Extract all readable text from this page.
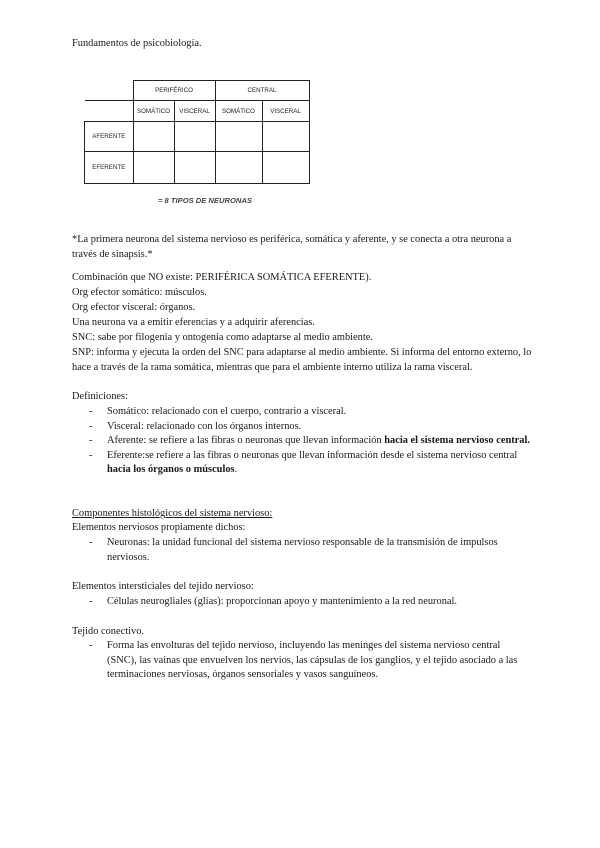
Fundamentos de psicobiología.
	PERIFÉRICO		CENTRAL	
	SOMÁTICO	VISCERAL	SOMÁTICO	VISCERAL
AFERENTE				
EFERENTE				
= 8 TIPOS DE NEURONAS
*La primera neurona del sistema nervioso es periférica, somática y aferente, y se conecta a otra neurona a través de sinapsis.*
Combinación que NO existe: PERIFÉRICA SOMÁTICA EFERENTE).
Org efector somático: músculos.
Org efector visceral: órganos.
Una neurona va a emitir eferencias y a adquirir aferencias.
SNC: sabe por filogenia y ontogenia como adaptarse al medio ambiente.
SNP: informa y ejecuta la orden del SNC para adaptarse al medio ambiente. Si informa del entorno externo, lo hace a través de la rama somática, mientras que para el ambiente interno utiliza la rama visceral.
Definiciones:
- Somático: relacionado con el cuerpo, contrario a visceral.
- Visceral: relacionado con los órganos internos.
- Aferente: se refiere a las fibras o neuronas que llevan información hacia el sistema nervioso central.
- Eferente:se refiere a las fibras o neuronas que llevan información desde el sistema nervioso central hacia los órganos o músculos.
Componentes histológicos del sistema nervioso:
Elementos nerviosos propiamente dichos:
- Neuronas: la unidad funcional del sistema nervioso responsable de la transmisión de impulsos nerviosos.
Elementos intersticiales del tejido nervioso:
- Células neurogliales (glías): proporcionan apoyo y mantenimiento a la red neuronal.
Tejido conectivo.
- Forma las envolturas del tejido nervioso, incluyendo las meninges del sistema nervioso central (SNC), las vainas que envuelven los nervios, las cápsulas de los ganglios, y el tejido asociado a las terminaciones nerviosas, órganos sensoriales y vasos sanguíneos.
